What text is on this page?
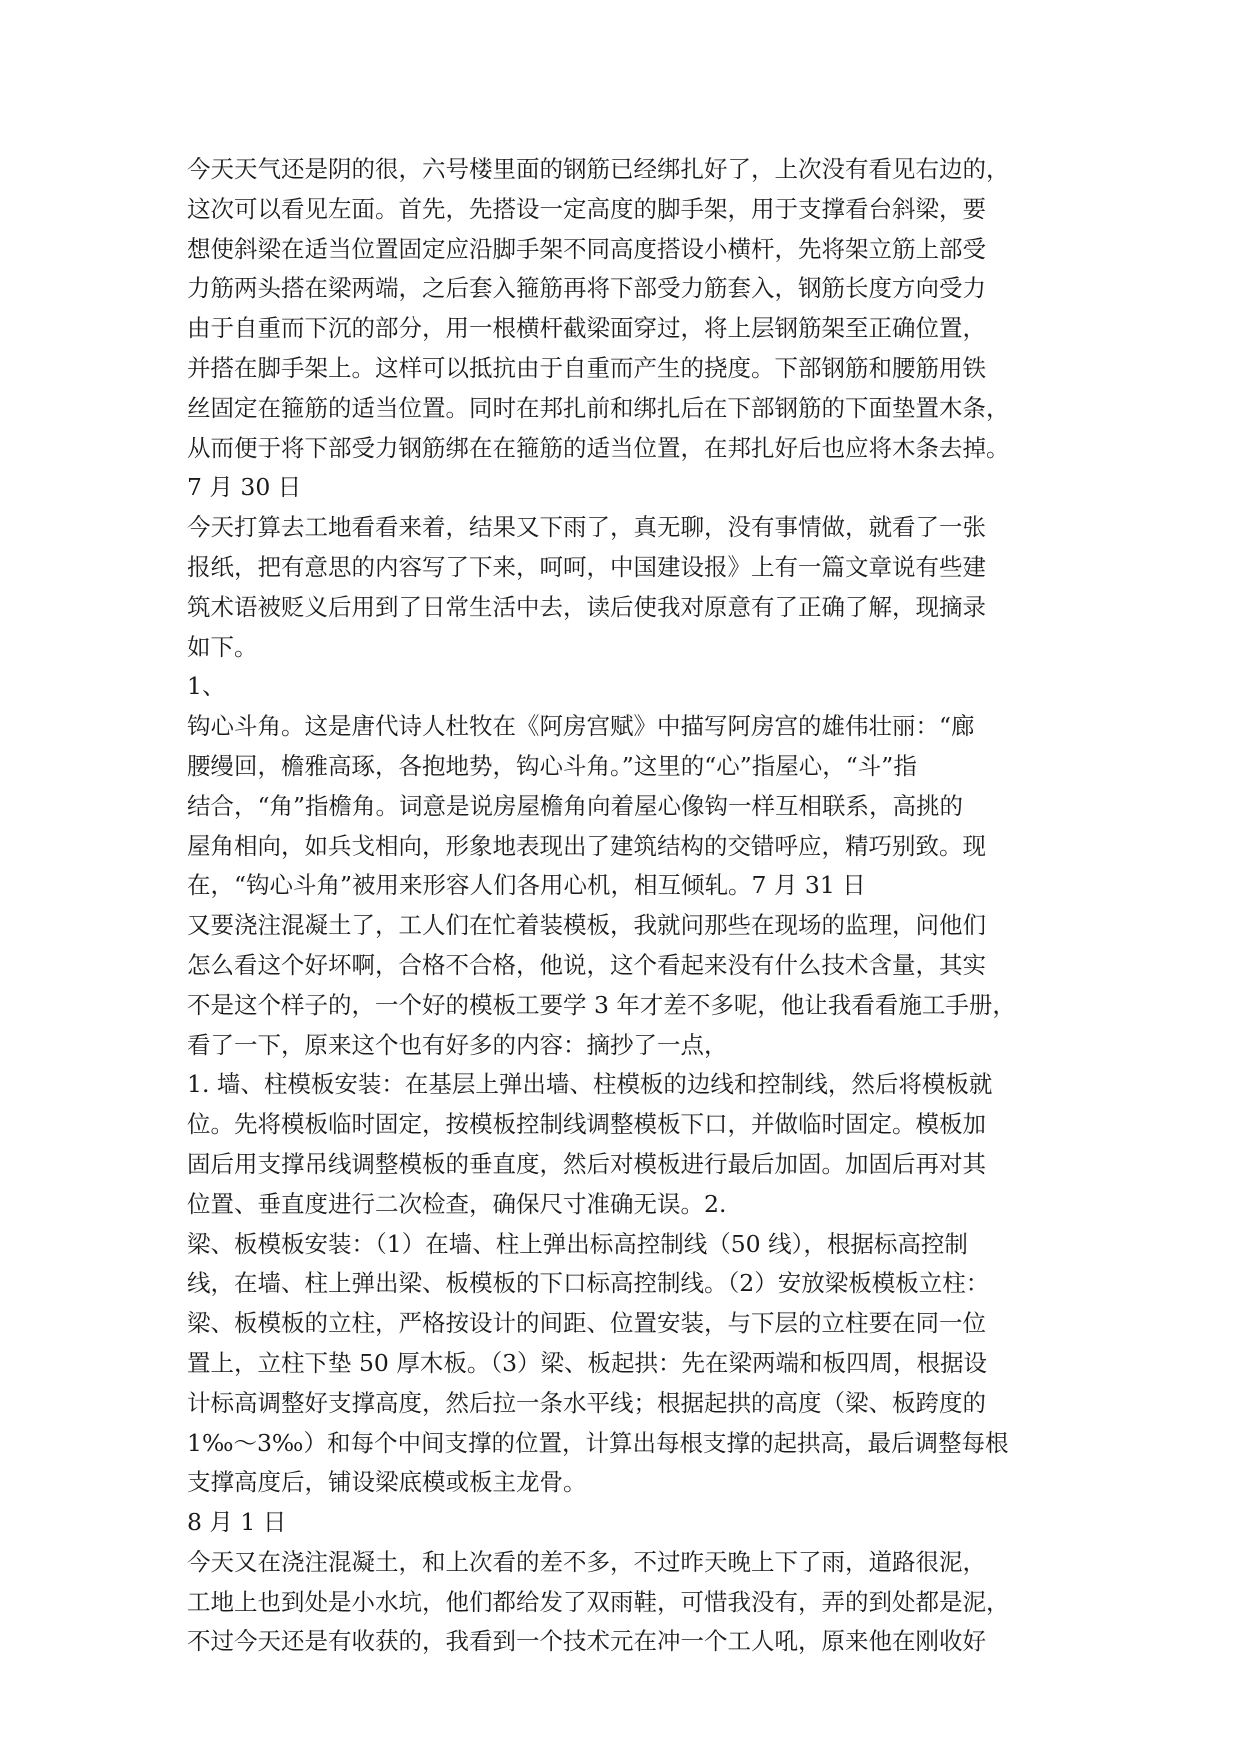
今天天气还是阴的很，六号楼里面的钢筋已经绑扎好了，上次没有看见右边的，
这次可以看见左面。首先，先搭设一定高度的脚手架，用于支撑看台斜梁，要
想使斜梁在适当位置固定应沿脚手架不同高度搭设小横杆，先将架立筋上部受
力筋两头搭在梁两端，之后套入箍筋再将下部受力筋套入，钢筋长度方向受力
由于自重而下沉的部分，用一根横杆截梁面穿过，将上层钢筋架至正确位置，
并搭在脚手架上。这样可以抵抗由于自重而产生的挠度。下部钢筋和腰筋用铁
丝固定在箍筋的适当位置。同时在邦扎前和绑扎后在下部钢筋的下面垫置木条，
从而便于将下部受力钢筋绑在在箍筋的适当位置，在邦扎好后也应将木条去掉。
7 月 30 日
今天打算去工地看看来着，结果又下雨了，真无聊，没有事情做，就看了一张
报纸，把有意思的内容写了下来，呵呵，中国建设报》上有一篇文章说有些建
筑术语被贬义后用到了日常生活中去，读后使我对原意有了正确了解，现摘录
如下。
1、
钩心斗角。这是唐代诗人杜牧在《阿房宫赋》中描写阿房宫的雄伟壮丽：“廊
腰缦回，檐雅高琢，各抱地势，钩心斗角。”这里的“心”指屋心，“斗”指
结合，“角”指檐角。词意是说房屋檐角向着屋心像钩一样互相联系，高挑的
屋角相向，如兵戈相向，形象地表现出了建筑结构的交错呼应，精巧别致。现
在，“钩心斗角”被用来形容人们各用心机，相互倾轧。7 月 31 日
又要浇注混凝土了，工人们在忙着装模板，我就问那些在现场的监理，问他们
怎么看这个好坏啊，合格不合格，他说，这个看起来没有什么技术含量，其实
不是这个样子的，一个好的模板工要学 3 年才差不多呢，他让我看看施工手册，
看了一下，原来这个也有好多的内容：摘抄了一点，
1. 墙、柱模板安装：在基层上弹出墙、柱模板的边线和控制线，然后将模板就
位。先将模板临时固定，按模板控制线调整模板下口，并做临时固定。模板加
固后用支撑吊线调整模板的垂直度，然后对模板进行最后加固。加固后再对其
位置、垂直度进行二次检查，确保尺寸准确无误。2.
梁、板模板安装：（1）在墙、柱上弹出标高控制线（50 线），根据标高控制
线，在墙、柱上弹出梁、板模板的下口标高控制线。（2）安放梁板模板立柱：
梁、板模板的立柱，严格按设计的间距、位置安装，与下层的立柱要在同一位
置上，立柱下垫 50 厚木板。（3）梁、板起拱：先在梁两端和板四周，根据设
计标高调整好支撑高度，然后拉一条水平线；根据起拱的高度（梁、板跨度的
1‰～3‰）和每个中间支撑的位置，计算出每根支撑的起拱高，最后调整每根
支撑高度后，铺设梁底模或板主龙骨。
8 月 1 日
今天又在浇注混凝土，和上次看的差不多，不过昨天晚上下了雨，道路很泥，
工地上也到处是小水坑，他们都给发了双雨鞋，可惜我没有，弄的到处都是泥，
不过今天还是有收获的，我看到一个技术元在冲一个工人吼，原来他在刚收好
